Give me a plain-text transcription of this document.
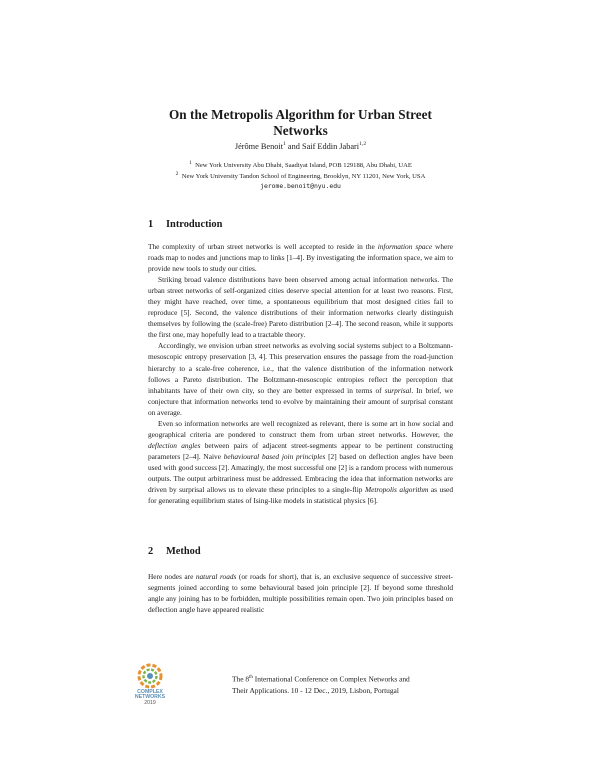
On the Metropolis Algorithm for Urban Street Networks

Jérôme Benoit$^1$ and Saif Eddin Jabari$^{1,2}$

$^1$ New York University Abu Dhabi, Saadiyat Island, POB 129188, Abu Dhabi, UAE

$^2$ New York University Tandon School of Engineering, Brooklyn, NY 11201, New York, USA

jerome.benoit@nyu.edu

1 Introduction

The complexity of urban street networks is well accepted to reside in the information space where roads map to nodes and junctions map to links [1–4]. By investigating the information space, we aim to provide new tools to study our cities.

Striking broad valence distributions have been observed among actual information networks. The urban street networks of self-organized cities deserve special attention for at least two reasons. First, they might have reached, over time, a spontaneous equilibrium that most designed cities fail to reproduce [5]. Second, the valence distributions of their information networks clearly distinguish themselves by following the (scale-free) Pareto distribution [2–4]. The second reason, while it supports the first one, may hopefully lead to a tractable theory.

Accordingly, we envision urban street networks as evolving social systems subject to a Boltzmann-mesoscopic entropy preservation [3, 4]. This preservation ensures the passage from the road-junction hierarchy to a scale-free coherence, i.e., that the valence distribution of the information network follows a Pareto distribution. The Boltzmann-mesoscopic entropies reflect the perception that inhabitants have of their own city, so they are better expressed in terms of surprisal. In brief, we conjecture that information networks tend to evolve by maintaining their amount of surprisal constant on average.

Even so information networks are well recognized as relevant, there is some art in how social and geographical criteria are pondered to construct them from urban street networks. However, the deflection angles between pairs of adjacent street-segments appear to be pertinent constructing parameters [2–4]. Naive behavioural based join principles [2] based on deflection angles have been used with good success [2]. Amazingly, the most successful one [2] is a random process with numerous outputs. The output arbitrariness must be addressed. Embracing the idea that information networks are driven by surprisal allows us to elevate these principles to a single-flip Metropolis algorithm as used for generating equilibrium states of Ising-like models in statistical physics [6].

2 Method

Here nodes are natural roads (or roads for short), that is, an exclusive sequence of successive street-segments joined according to some behavioural based join principle [2]. If beyond some threshold angle any joining has to be forbidden, multiple possibilities remain open. Two join principles based on deflection angle have appeared realistic

COMPLEX
NETWORKS
2019
The 8th International Conference on Complex Networks and
Their Applications. 10 - 12 Dec., 2019, Lisbon, Portugal
